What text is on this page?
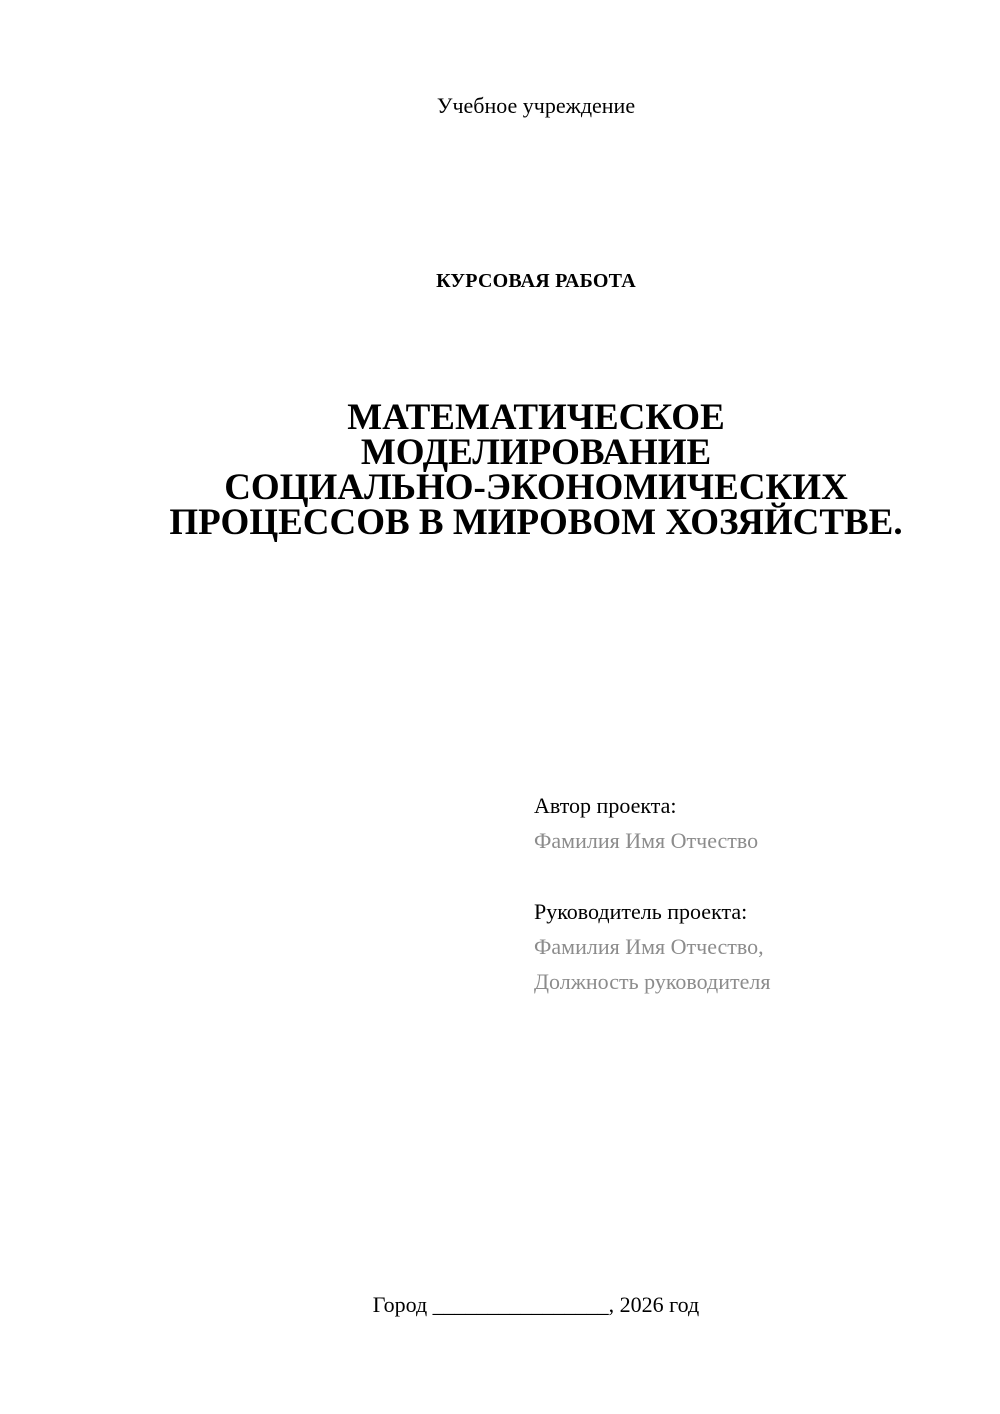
Учебное учреждение
КУРСОВАЯ РАБОТА
МАТЕМАТИЧЕСКОЕ
МОДЕЛИРОВАНИЕ
СОЦИАЛЬНО-ЭКОНОМИЧЕСКИХ
ПРОЦЕССОВ В МИРОВОМ ХОЗЯЙСТВЕ.
Автор проекта:
Фамилия Имя Отчество
Руководитель проекта:
Фамилия Имя Отчество,
Должность руководителя
Город ________________, 2026 год
